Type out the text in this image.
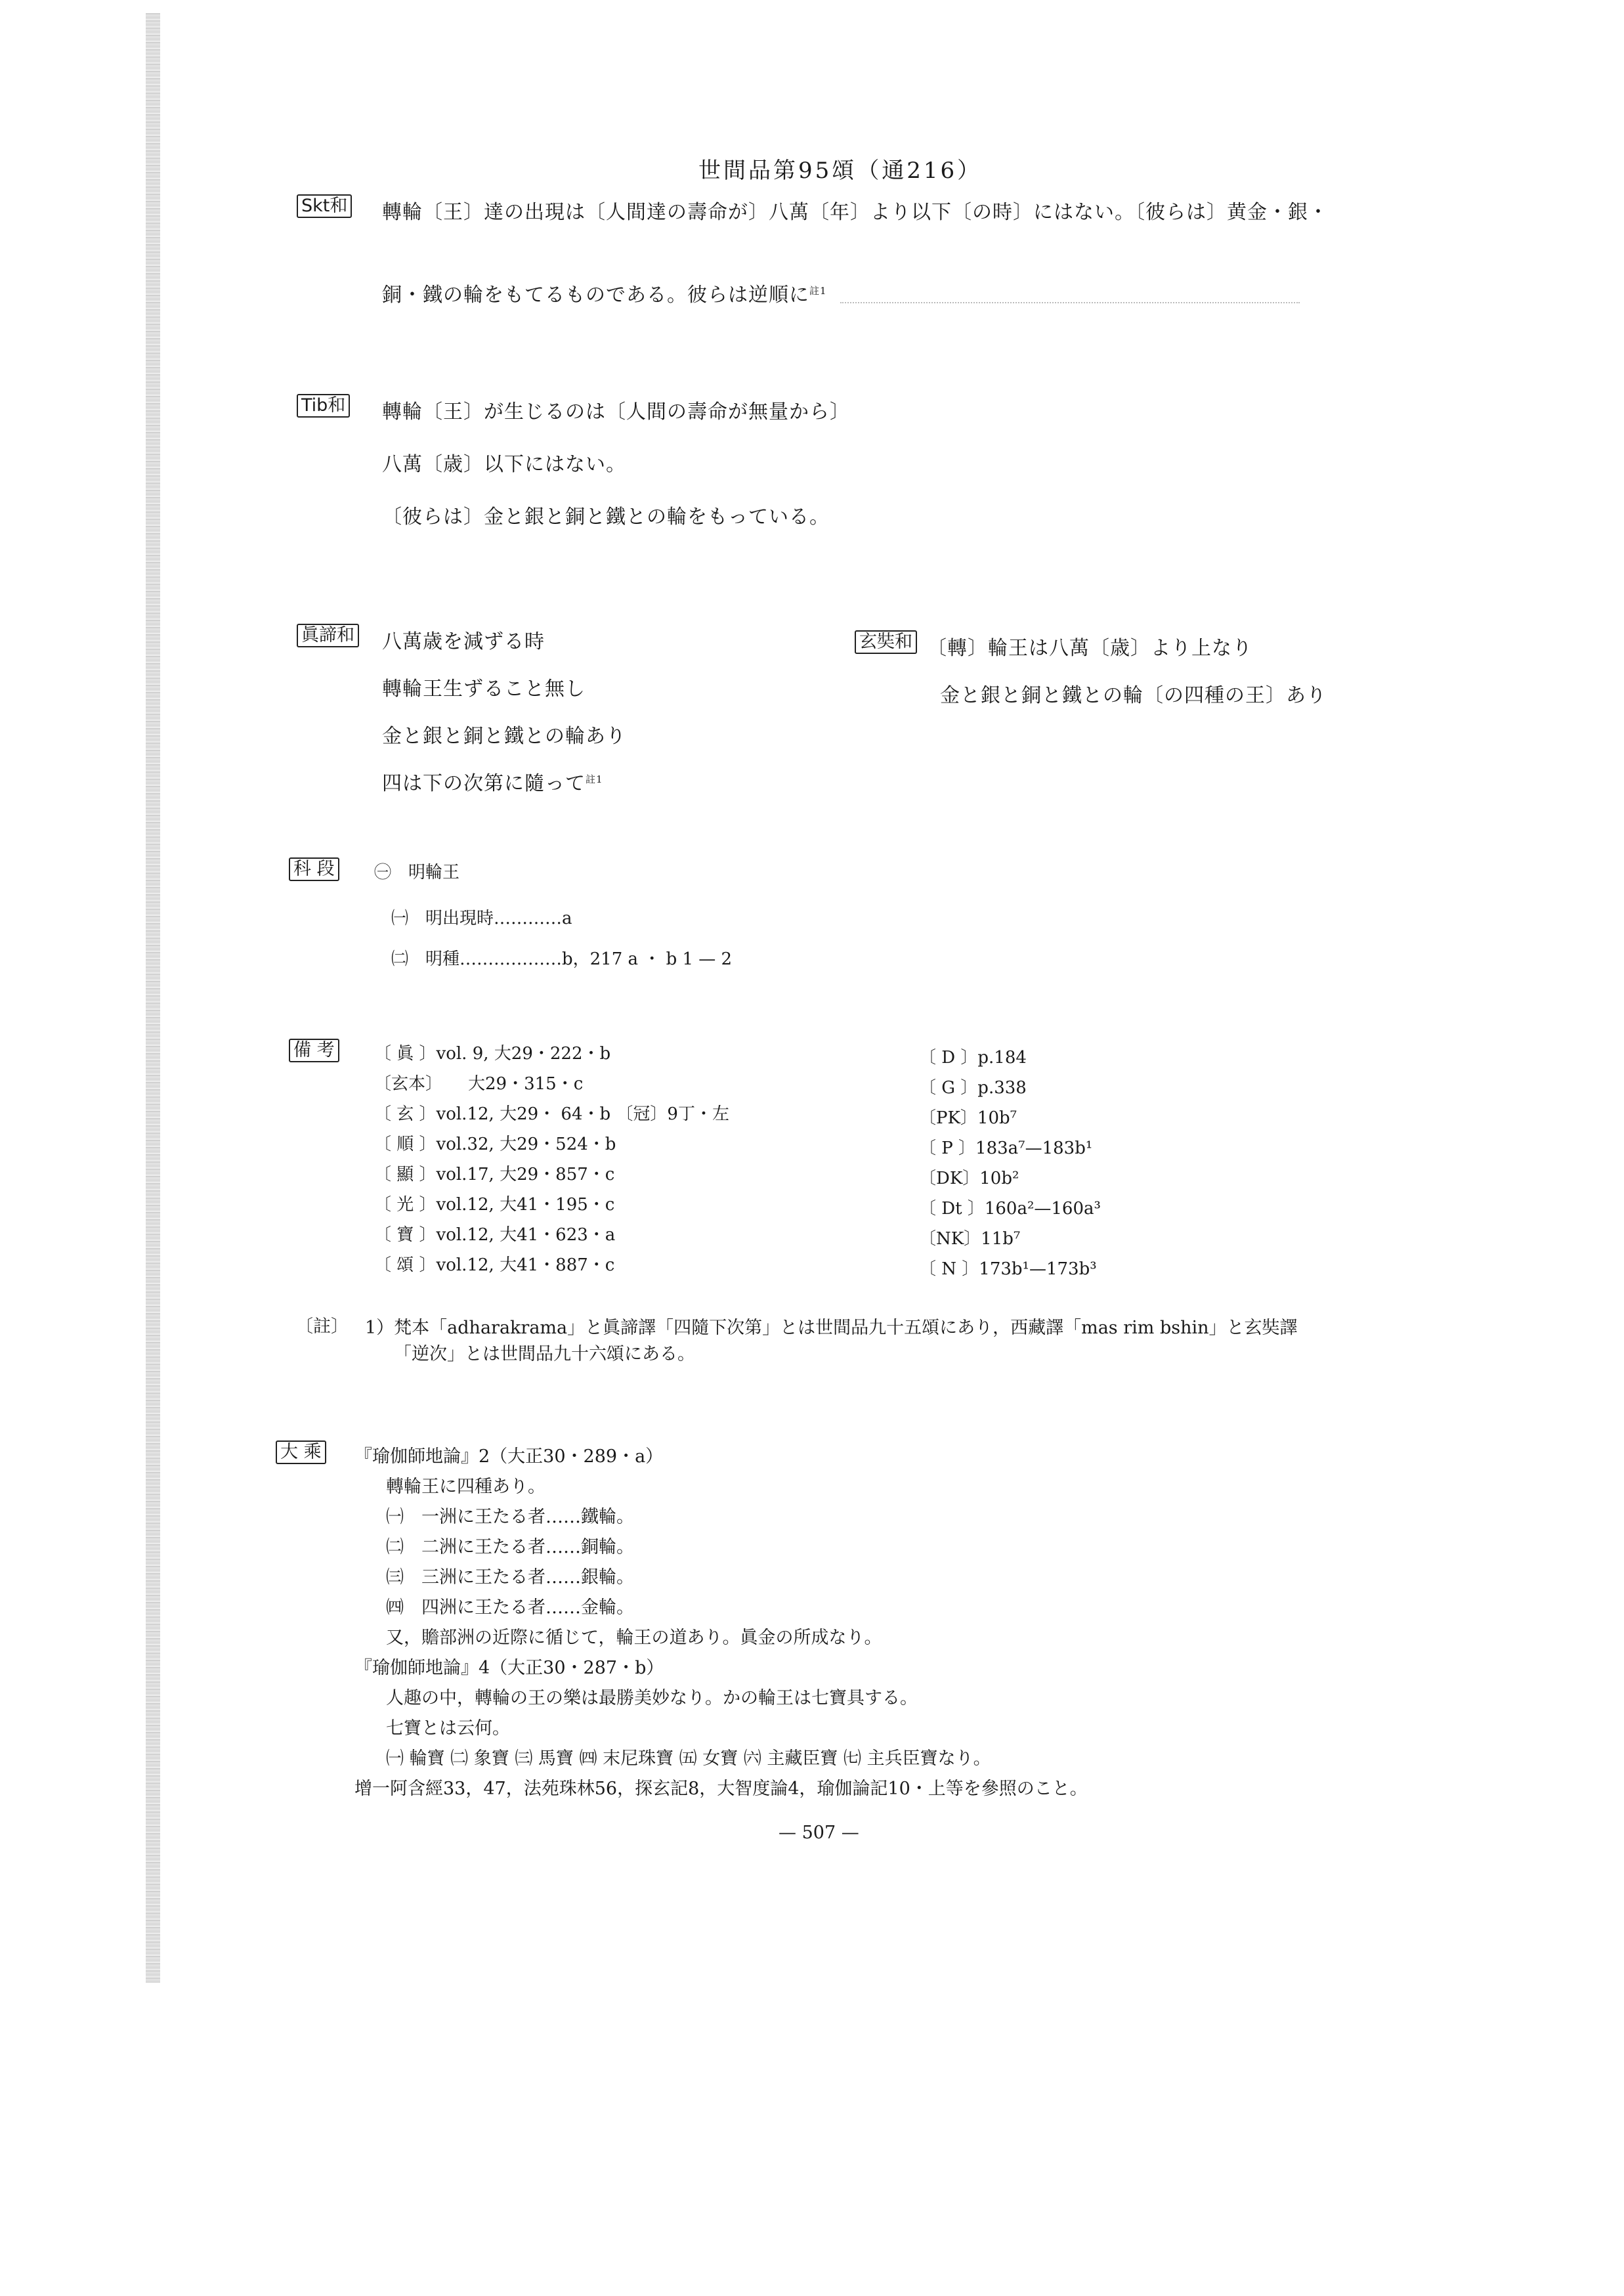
世間品第95頌（通216）
Skt和 轉輪〔王〕達の出現は〔人間達の壽命が〕八萬〔年〕より以下〔の時〕にはない。〔彼らは〕黄金・銀・
銅・鐵の輪をもてるものである。彼らは逆順に$^{註1}$
Tib和 轉輪〔王〕が生じるのは〔人間の壽命が無量から〕
八萬〔歳〕以下にはない。
〔彼らは〕金と銀と銅と鐵との輪をもっている。
眞諦和 八萬歳を減ずる時
轉輪王生ずること無し
金と銀と銅と鐵との輪あり
四は下の次第に隨って$^{註1}$
玄奘和 〔轉〕輪王は八萬〔歳〕より上なり
金と銀と銅と鐵との輪〔の四種の王〕あり
科 段 ㊀　明輪王
㈠　明出現時…………a
㈡　明種………………b，217 a ・ b 1 — 2
備 考 〔 眞 〕vol. 9, 大29・222・b
〔玄本〕　　大29・315・c
〔 玄 〕vol.12, 大29・ 64・b 〔冠〕9丁・左
〔 順 〕vol.32, 大29・524・b
〔 顯 〕vol.17, 大29・857・c
〔 光 〕vol.12, 大41・195・c
〔 寶 〕vol.12, 大41・623・a
〔 頌 〕vol.12, 大41・887・c
〔 D 〕p.184
〔 G 〕p.338
〔PK〕10b⁷
〔 P 〕183a⁷—183b¹
〔DK〕10b²
〔 Dt 〕160a²—160a³
〔NK〕11b⁷
〔 N 〕173b¹—173b³
〔註〕 1）梵本「adharakrama」と眞諦譯「四隨下次第」とは世間品九十五頌にあり，西藏譯「mas rim bshin」と玄奘譯
「逆次」とは世間品九十六頌にある。
大 乘 『瑜伽師地論』2（大正30・289・a）
轉輪王に四種あり。
㈠　一洲に王たる者……鐵輪。
㈡　二洲に王たる者……銅輪。
㈢　三洲に王たる者……銀輪。
㈣　四洲に王たる者……金輪。
又，贍部洲の近際に循じて，輪王の道あり。眞金の所成なり。
『瑜伽師地論』4（大正30・287・b）
人趣の中，轉輪の王の樂は最勝美妙なり。かの輪王は七寶具する。
七寶とは云何。
㈠ 輪寶 ㈡ 象寶 ㈢ 馬寶 ㈣ 末尼珠寶 ㈤ 女寶 ㈥ 主藏臣寶 ㈦ 主兵臣寶なり。
增一阿含經33，47，法苑珠林56，探玄記8，大智度論4，瑜伽論記10・上等を參照のこと。
— 507 —
